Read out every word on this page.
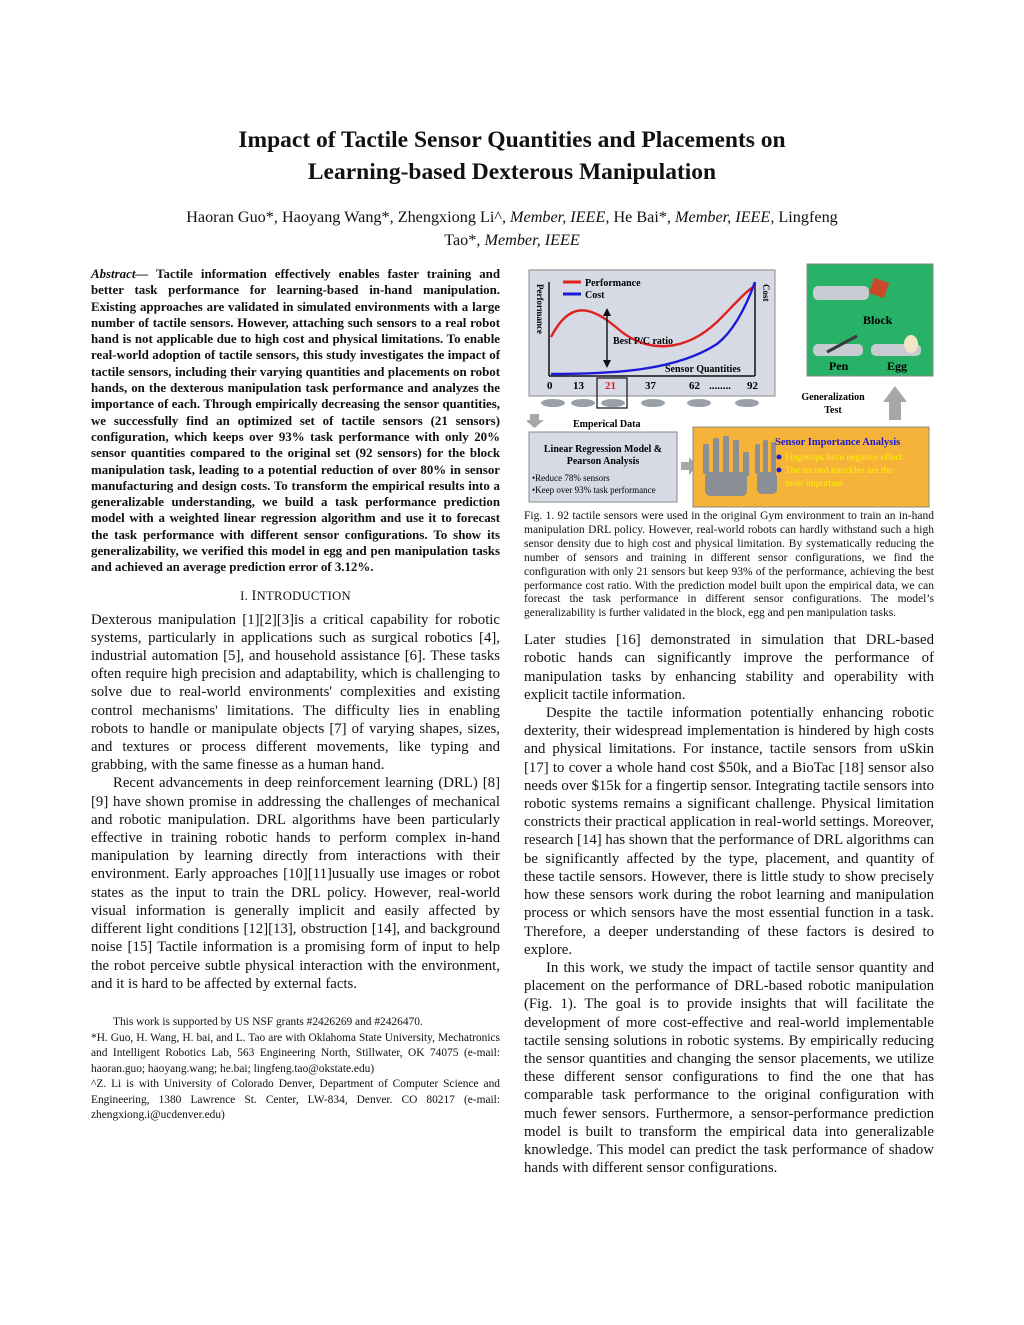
Impact of Tactile Sensor Quantities and Placements on
Learning-based Dexterous Manipulation
Haoran Guo*, Haoyang Wang*, Zhengxiong Li^, Member, IEEE, He Bai*, Member, IEEE, Lingfeng
Tao*, Member, IEEE

Abstract— Tactile information effectively enables faster training and better task performance for learning-based in-hand manipulation. Existing approaches are validated in simulated environments with a large number of tactile sensors. However, attaching such sensors to a real robot hand is not applicable due to high cost and physical limitations. To enable real-world adoption of tactile sensors, this study investigates the impact of tactile sensors, including their varying quantities and placements on robot hands, on the dexterous manipulation task performance and analyzes the importance of each. Through empirically decreasing the sensor quantities, we successfully find an optimized set of tactile sensors (21 sensors) configuration, which keeps over 93% task performance with only 20% sensor quantities compared to the original set (92 sensors) for the block manipulation task, leading to a potential reduction of over 80% in sensor manufacturing and design costs. To transform the empirical results into a generalizable understanding, we build a task performance prediction model with a weighted linear regression algorithm and use it to forecast the task performance with different sensor configurations. To show its generalizability, we verified this model in egg and pen manipulation tasks and achieved an average prediction error of 3.12%.

I. INTRODUCTION

Dexterous manipulation [1][2][3]is a critical capability for robotic systems, particularly in applications such as surgical robotics [4], industrial automation [5], and household assistance [6]. These tasks often require high precision and adaptability, which is challenging to solve due to real-world environments' complexities and existing control mechanisms' limitations. The difficulty lies in enabling robots to handle or manipulate objects [7] of varying shapes, sizes, and textures or process different movements, like typing and grabbing, with the same finesse as a human hand.

Recent advancements in deep reinforcement learning (DRL) [8][9] have shown promise in addressing the challenges of mechanical and robotic manipulation. DRL algorithms have been particularly effective in training robotic hands to perform complex in-hand manipulation by learning directly from interactions with their environment. Early approaches [10][11]usually use images or robot states as the input to train the DRL policy. However, real-world visual information is generally implicit and easily affected by different light conditions [12][13], obstruction [14], and background noise [15] Tactile information is a promising form of input to help the robot perceive subtle physical interaction with the environment, and it is hard to be affected by external facts.

This work is supported by US NSF grants #2426269 and #2426470.

*H. Guo, H. Wang, H. bai, and L. Tao are with Oklahoma State University, Mechatronics and Intelligent Robotics Lab, 563 Engineering North, Stillwater, OK 74075 (e-mail: haoran.guo; haoyang.wang; he.bai; lingfeng.tao@okstate.edu)

^Z. Li is with University of Colorado Denver, Department of Computer Science and Engineering, 1380 Lawrence St. Center, LW-834, Denver. CO 80217 (e-mail: zhengxiong.i@ucdenver.edu)

Performance
Cost
Performance	Cost
Best P/C ratio
Sensor Quantities
0 13 21	37	62 ........ 92
Emperical Data
Linear Regression Model &
Pearson Analysis
•Reduce 78% sensors
•Keep over 93% task performance
Sensor Importance Analysis
Fingertips have negative effect
The second knuckles are the
most important
Block
Pen	Egg
Generalization
Test

Fig. 1. 92 tactile sensors were used in the original Gym environment to train an in-hand manipulation DRL policy. However, real-world robots can hardly withstand such a high sensor density due to high cost and physical limitation. By systematically reducing the number of sensors and training in different sensor configurations, we find the configuration with only 21 sensors but keep 93% of the performance, achieving the best performance cost ratio. With the prediction model built upon the empirical data, we can forecast the task performance in different sensor configurations. The model’s generalizability is further validated in the block, egg and pen manipulation tasks.

Later studies [16] demonstrated in simulation that DRL-based robotic hands can significantly improve the performance of manipulation tasks by enhancing stability and operability with explicit tactile information.

Despite the tactile information potentially enhancing robotic dexterity, their widespread implementation is hindered by high costs and physical limitations. For instance, tactile sensors from uSkin [17] to cover a whole hand cost $50k, and a BioTac [18] sensor also needs over $15k for a fingertip sensor. Integrating tactile sensors into robotic systems remains a significant challenge. Physical limitation constricts their practical application in real-world settings. Moreover, research [14] has shown that the performance of DRL algorithms can be significantly affected by the type, placement, and quantity of these tactile sensors. However, there is little study to show precisely how these sensors work during the robot learning and manipulation process or which sensors have the most essential function in a task. Therefore, a deeper understanding of these factors is desired to explore.

In this work, we study the impact of tactile sensor quantity and placement on the performance of DRL-based robotic manipulation (Fig. 1). The goal is to provide insights that will facilitate the development of more cost-effective and real-world implementable tactile sensing solutions in robotic systems. By empirically reducing the sensor quantities and changing the sensor placements, we utilize these different sensor configurations to find the one that has comparable task performance to the original configuration with much fewer sensors. Furthermore, a sensor-performance prediction model is built to transform the empirical data into generalizable knowledge. This model can predict the task performance of shadow hands with different sensor configurations.
